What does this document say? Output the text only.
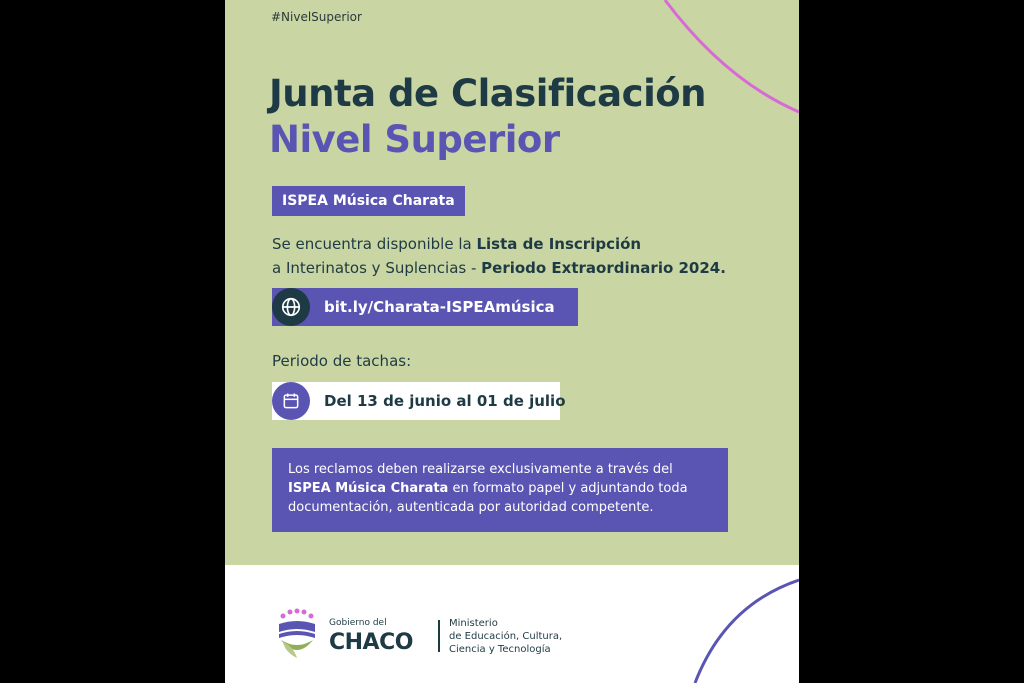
#NivelSuperior
Junta de Clasificación
Nivel Superior
ISPEA Música Charata
Se encuentra disponible la Lista de Inscripción
a Interinatos y Suplencias - Periodo Extraordinario 2024.
bit.ly/Charata-ISPEAmúsica
Periodo de tachas:
Del 13 de junio al 01 de julio
Los reclamos deben realizarse exclusivamente a través del ISPEA Música Charata en formato papel y adjuntando toda documentación, autenticada por autoridad competente.
Gobierno del
CHACO
Ministerio
de Educación, Cultura,
Ciencia y Tecnología
